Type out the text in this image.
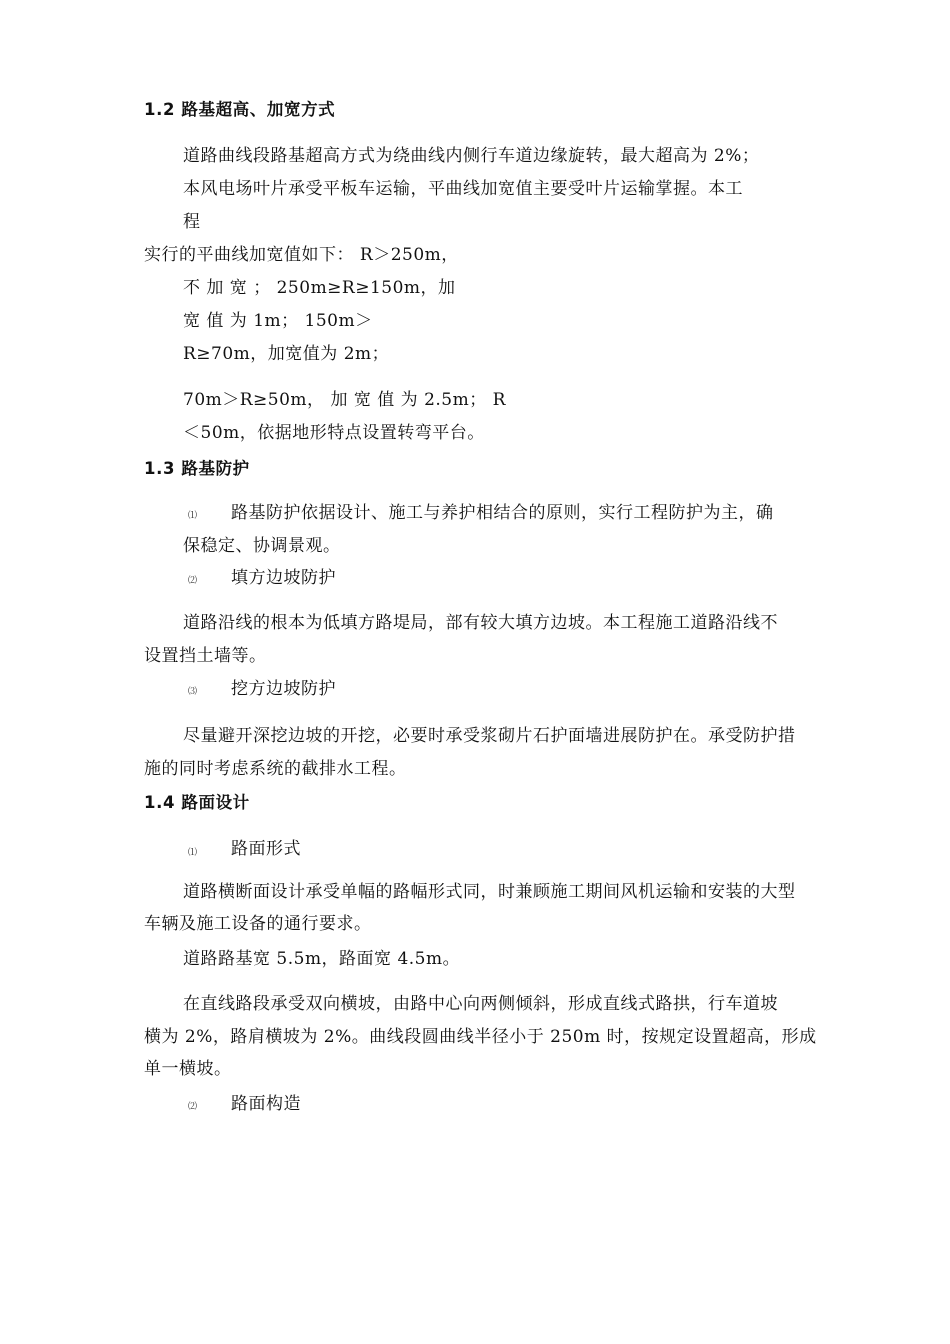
1.2 路基超高、加宽方式
道路曲线段路基超高方式为绕曲线内侧行车道边缘旋转，最大超高为 2%；
本风电场叶片承受平板车运输，平曲线加宽值主要受叶片运输掌握。本工
程
实行的平曲线加宽值如下： R＞250m，
不 加 宽 ； 250m≥R≥150m，加
宽 值 为 1m； 150m＞
R≥70m，加宽值为 2m；
70m＞R≥50m， 加 宽 值 为 2.5m； R
＜50m，依据地形特点设置转弯平台。
1.3 路基防护
⑴ 路基防护依据设计、施工与养护相结合的原则，实行工程防护为主，确
保稳定、协调景观。
⑵ 填方边坡防护
道路沿线的根本为低填方路堤局，部有较大填方边坡。本工程施工道路沿线不
设置挡土墙等。
⑶ 挖方边坡防护
尽量避开深挖边坡的开挖，必要时承受浆砌片石护面墙进展防护在。承受防护措
施的同时考虑系统的截排水工程。
1.4 路面设计
⑴ 路面形式
道路横断面设计承受单幅的路幅形式同，时兼顾施工期间风机运输和安装的大型
车辆及施工设备的通行要求。
道路路基宽 5.5m，路面宽 4.5m。
在直线路段承受双向横坡，由路中心向两侧倾斜，形成直线式路拱，行车道坡
横为 2%，路肩横坡为 2%。曲线段圆曲线半径小于 250m 时，按规定设置超高，形成
单一横坡。
⑵ 路面构造
